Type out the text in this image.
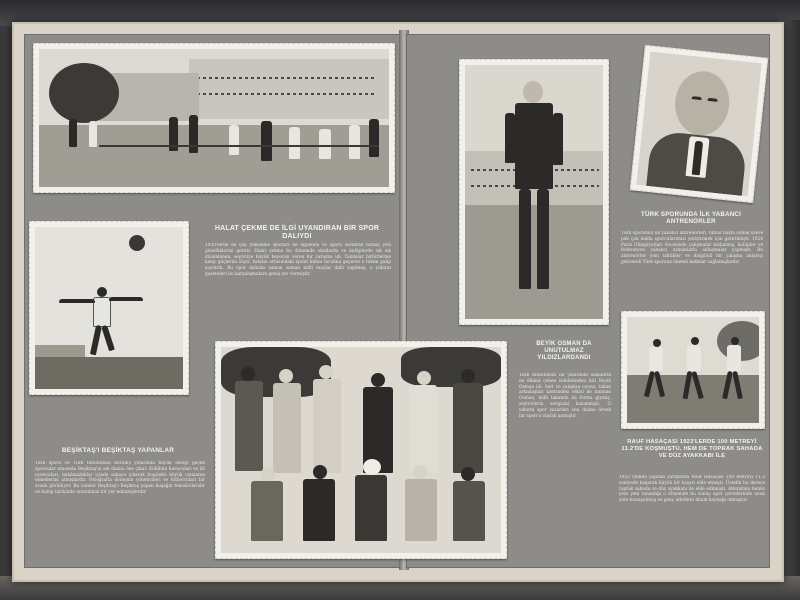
HALAT ÇEKME DE İLGİ UYANDIRAN BİR SPOR DALIYDI
1920'lerde en çok yükselme sporları ile ilgilenen ve sporu sevdiren birkaç yeri güzelliklerini getirir. Halat çekme bu dönemde okullarda ve kulüplerde sık sık düzenlenen, seyirciye büyük heyecan veren bir yarışma idi. Takımlar birbirlerine karşı güçlerini ölçer, halatın ortasındaki işaret kimin tarafına geçerse o takım galip sayılırdı. Bu spor dalında zaman zaman milli maçlar dahi yapılmış, o yılların gazeteleri bu karşılaşmalara geniş yer vermiştir.
BEŞİKTAŞ'I BEŞİKTAŞ YAPANLAR
Türk sporu ve Türk futbolunun kuruluş yıllarında büyük emeği geçen sporcular arasında Beşiktaş'ın adı daima öne çıkar. Kulübün kurucuları ve ilk oyuncuları, imkânsızlıklar içinde sahaya çıkarak bugünkü büyük camianın temellerini atmışlardır. Fotoğrafta dönemin yöneticileri ve futbolcuları bir arada görülüyor. Bu isimler Beşiktaş'ı Beşiktaş yapan kuşağın temsilcileridir ve kulüp tarihinde unutulmaz bir yer edinmişlerdir.
TÜRK SPORUNDA İLK YABANCI ANTRENÖRLER
Türk sporunun ilk yabancı antrenörleri, futbol başta olmak üzere pek çok dalda sporcularımızı yetiştirmek için getirilmişti. 1924 Paris Olimpiyatları öncesinde çalışmalar hızlanmış, kulüpler ve federasyon yabancı uzmanlarla anlaşmalar yapmıştı. Bu antrenörler yeni taktikler ve disiplinli bir çalışma anlayışı getirerek Türk sporuna önemli katkılar sağlamışlardır.
BEYİK OSMAN DA UNUTULMAZ YILDIZLARDANDI
Türk futbolunun ilk yıllarında sahaların en dikkat çeken isimlerinden biri Beyik Osman idi. Sert ve çalışkan oyunu, takım arkadaşları üzerindeki etkisi ile tanınan Osman, milli takımda da forma giymiş, seyircilerin sevgisini kazanmıştı. O yılların spor yazarları onu daima örnek bir sporcu olarak anmıştır.
RAUF HASAÇASI 1923'LERDE 100 METREYİ 11.2'DE KOŞMUŞTU, HEM DE TOPRAK SAHADA VE DÜZ AYAKKABI İLE
1923 yılında yapılan yarışlarda Rauf Hasaçası 100 metreyi 11.2 saniyede koşarak büyük bir başarı elde etmişti. Üstelik bu derece toprak sahada ve düz ayakkabı ile elde edilmişti. Atletizmin henüz yeni yeni tanındığı o dönemde bu sonuç spor çevrelerinde uzun süre konuşulmuş ve genç atletlere ilham kaynağı olmuştur.
